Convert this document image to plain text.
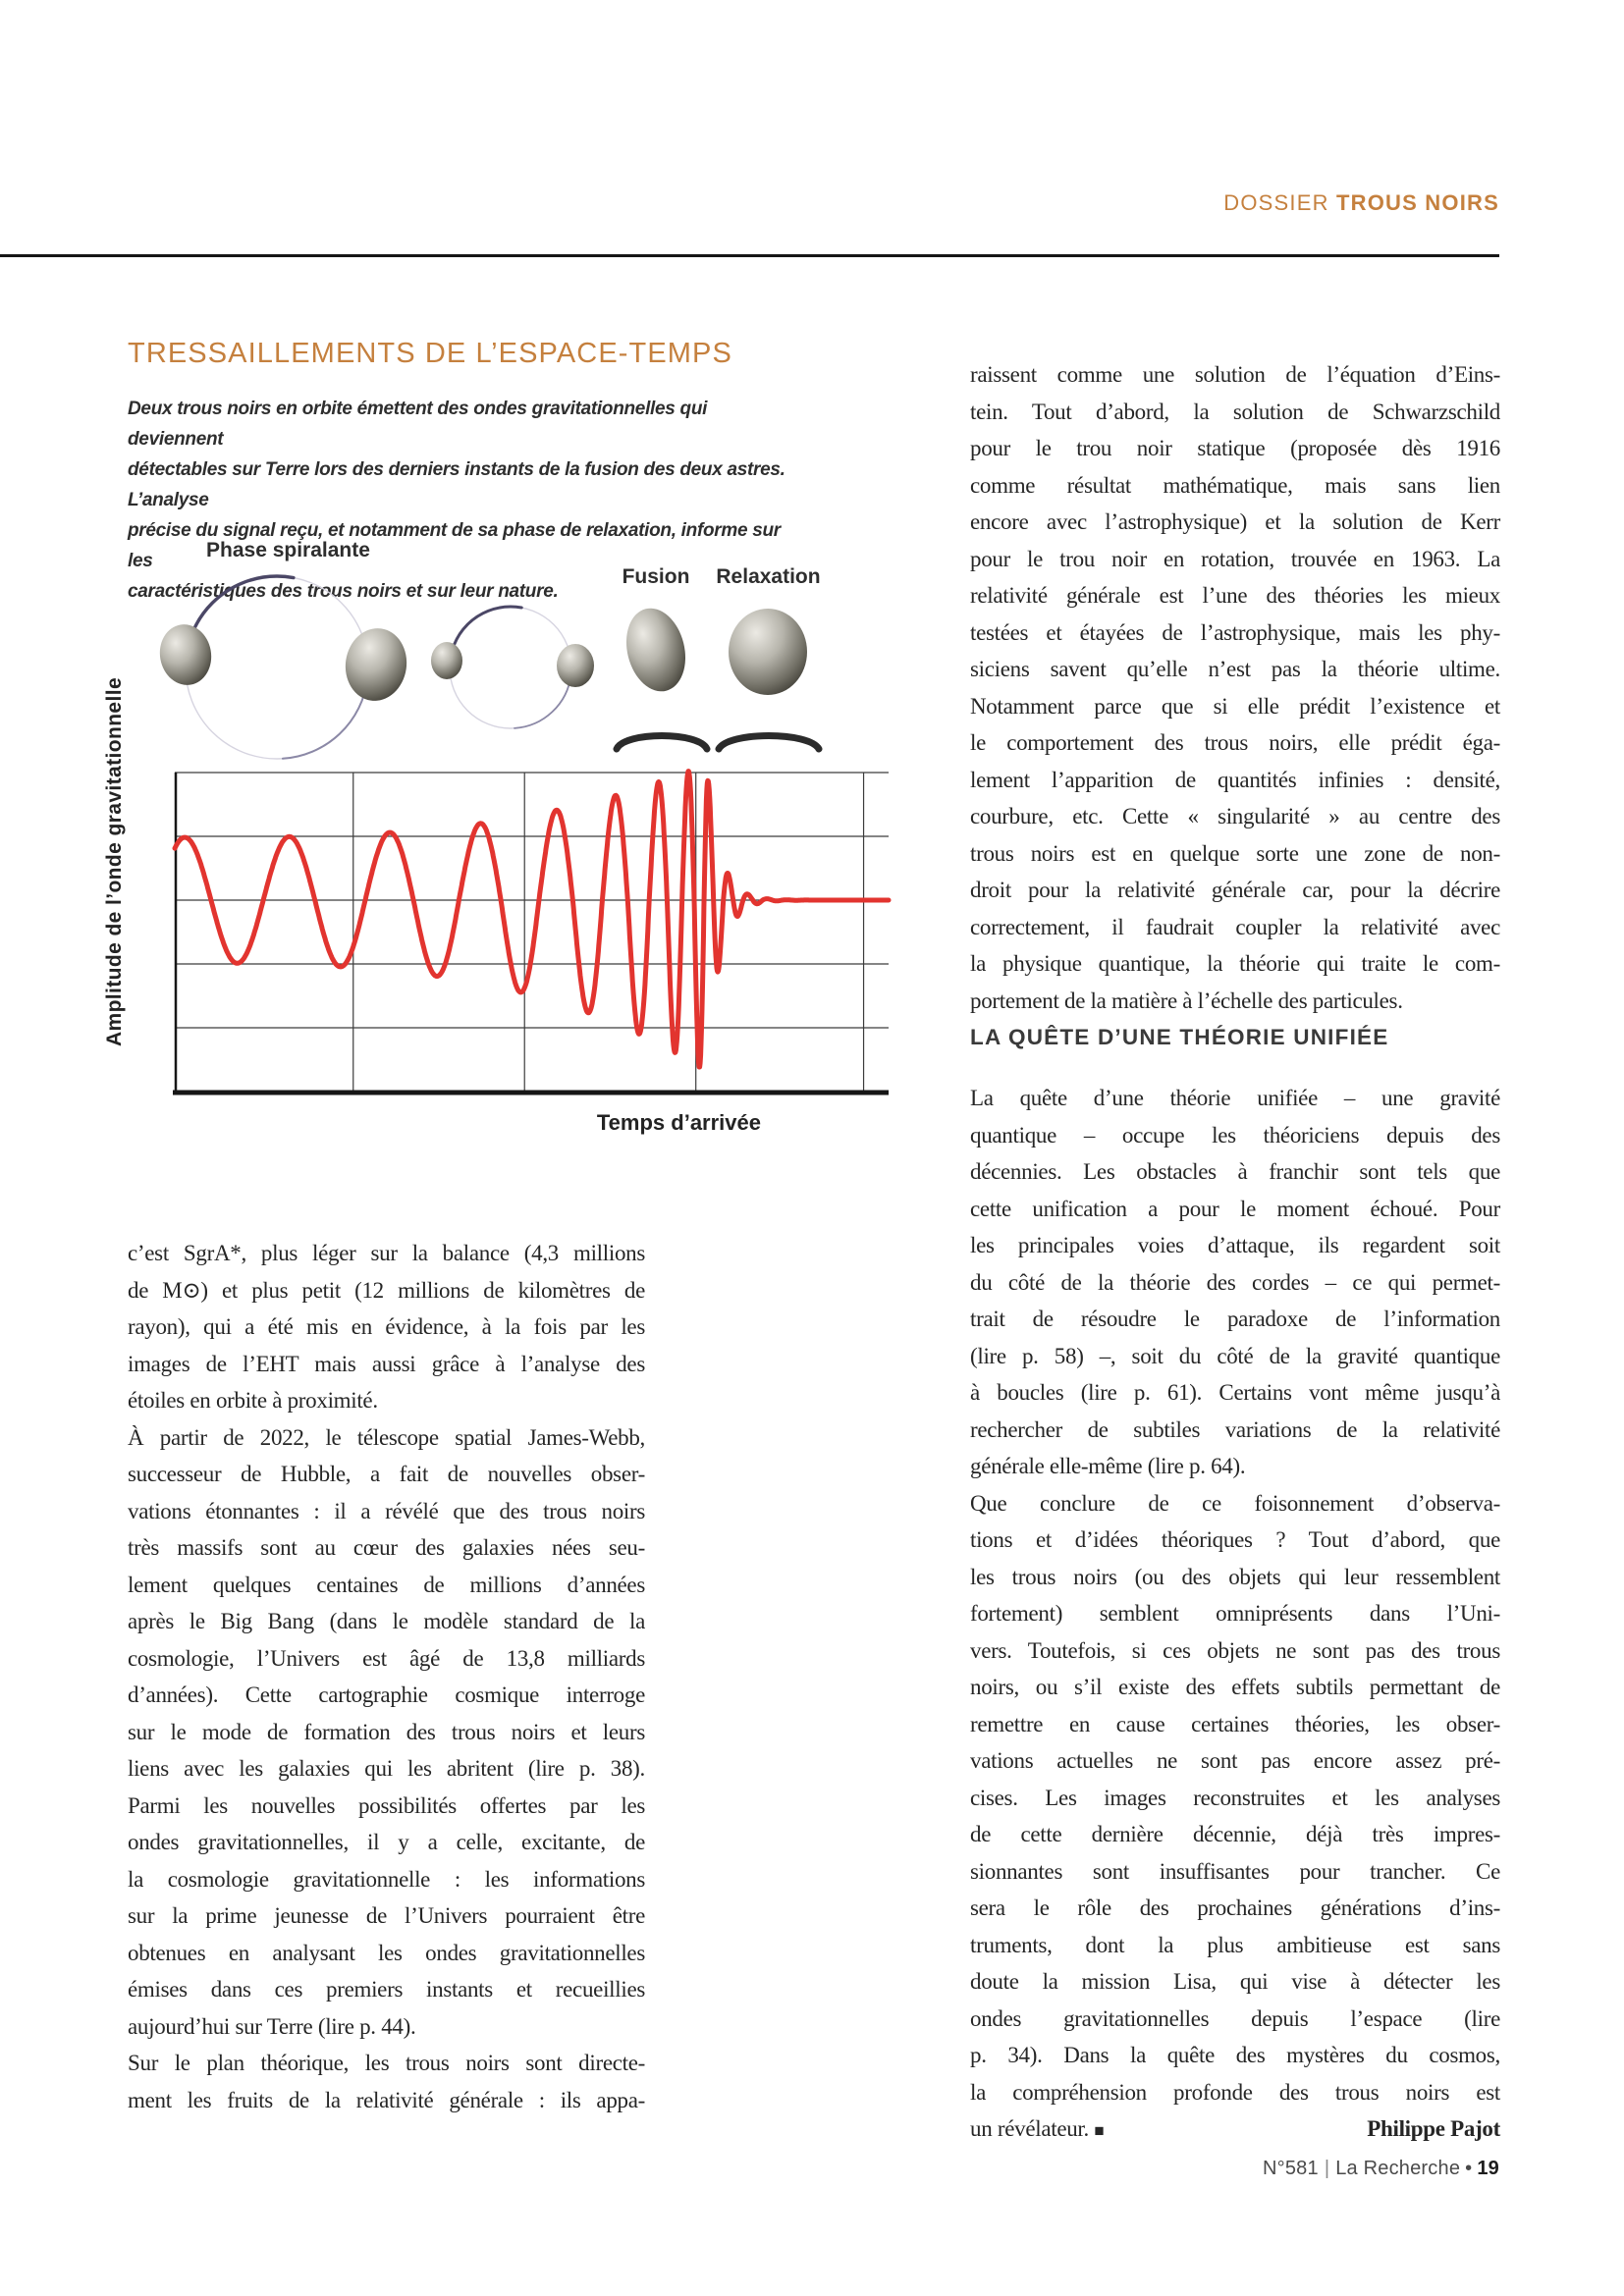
DOSSIER TROUS NOIRS
TRESSAILLEMENTS DE L’ESPACE-TEMPS
Deux trous noirs en orbite émettent des ondes gravitationnelles qui deviennent
détectables sur Terre lors des derniers instants de la fusion des deux astres. L’analyse
précise du signal reçu, et notamment de sa phase de relaxation, informe sur les
caractéristiques des trous noirs et sur leur nature.
Phase spiralante
Fusion	Relaxation
Amplitude de l’onde gravitationnelle
Temps d’arrivée
c’est SgrA*, plus léger sur la balance (4,3 millions
de M⊙) et plus petit (12 millions de kilomètres de
rayon), qui a été mis en évidence, à la fois par les
images de l’EHT mais aussi grâce à l’analyse des
étoiles en orbite à proximité.
À partir de 2022, le télescope spatial James-Webb,
successeur de Hubble, a fait de nouvelles obser-
vations étonnantes : il a révélé que des trous noirs
très massifs sont au cœur des galaxies nées seu-
lement quelques centaines de millions d’années
après le Big Bang (dans le modèle standard de la
cosmologie, l’Univers est âgé de 13,8 milliards
d’années). Cette cartographie cosmique interroge
sur le mode de formation des trous noirs et leurs
liens avec les galaxies qui les abritent (lire p. 38).
Parmi les nouvelles possibilités offertes par les
ondes gravitationnelles, il y a celle, excitante, de
la cosmologie gravitationnelle : les informations
sur la prime jeunesse de l’Univers pourraient être
obtenues en analysant les ondes gravitationnelles
émises dans ces premiers instants et recueillies
aujourd’hui sur Terre (lire p. 44).
Sur le plan théorique, les trous noirs sont directe-
ment les fruits de la relativité générale : ils appa-
raissent comme une solution de l’équation d’Eins-
tein. Tout d’abord, la solution de Schwarzschild
pour le trou noir statique (proposée dès 1916
comme résultat mathématique, mais sans lien
encore avec l’astrophysique) et la solution de Kerr
pour le trou noir en rotation, trouvée en 1963. La
relativité générale est l’une des théories les mieux
testées et étayées de l’astrophysique, mais les phy-
siciens savent qu’elle n’est pas la théorie ultime.
Notamment parce que si elle prédit l’existence et
le comportement des trous noirs, elle prédit éga-
lement l’apparition de quantités infinies : densité,
courbure, etc. Cette « singularité » au centre des
trous noirs est en quelque sorte une zone de non-
droit pour la relativité générale car, pour la décrire
correctement, il faudrait coupler la relativité avec
la physique quantique, la théorie qui traite le com-
portement de la matière à l’échelle des particules.
LA QUÊTE D’UNE THÉORIE UNIFIÉE
La quête d’une théorie unifiée – une gravité
quantique – occupe les théoriciens depuis des
décennies. Les obstacles à franchir sont tels que
cette unification a pour le moment échoué. Pour
les principales voies d’attaque, ils regardent soit
du côté de la théorie des cordes – ce qui permet-
trait de résoudre le paradoxe de l’information
(lire p. 58) –, soit du côté de la gravité quantique
à boucles (lire p. 61). Certains vont même jusqu’à
rechercher de subtiles variations de la relativité
générale elle-même (lire p. 64).
Que conclure de ce foisonnement d’observa-
tions et d’idées théoriques ? Tout d’abord, que
les trous noirs (ou des objets qui leur ressemblent
fortement) semblent omniprésents dans l’Uni-
vers. Toutefois, si ces objets ne sont pas des trous
noirs, ou s’il existe des effets subtils permettant de
remettre en cause certaines théories, les obser-
vations actuelles ne sont pas encore assez pré-
cises. Les images reconstruites et les analyses
de cette dernière décennie, déjà très impres-
sionnantes sont insuffisantes pour trancher. Ce
sera le rôle des prochaines générations d’ins-
truments, dont la plus ambitieuse est sans
doute la mission Lisa, qui vise à détecter les
ondes gravitationnelles depuis l’espace (lire
p. 34). Dans la quête des mystères du cosmos,
la compréhension profonde des trous noirs est
un révélateur. ■	Philippe Pajot
N°581 | La Recherche • 19
